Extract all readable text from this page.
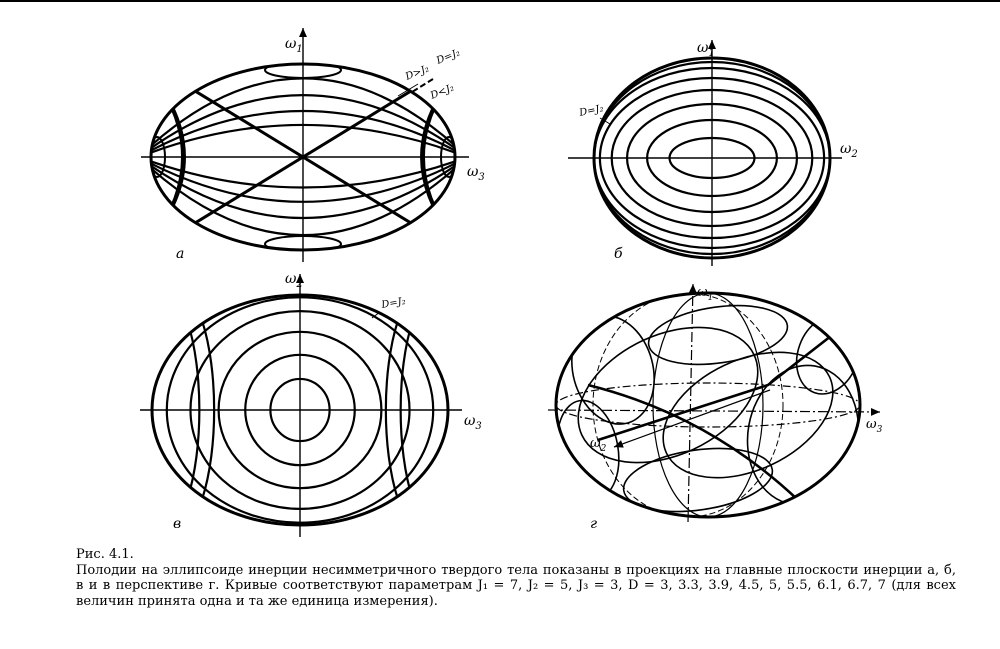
а	б
в	г
$\omega_1$
$\omega_3$
D>J₂
D=J₂
D<J₂
$\omega_1$
$\omega_2$
D=J₂
$\omega_2$
$\omega_3$
D=J₂
$\omega_1$
$\omega_2$
$\omega_3$
Рис. 4.1.
Полодии на эллипсоиде инерции несимметричного твердого тела показаны в проекциях на главные плоскости инерции а, б, в и в перспективе г. Кривые соответствуют параметрам J₁ = 7, J₂ = 5, J₃ = 3, D = 3, 3.3, 3.9, 4.5, 5, 5.5, 6.1, 6.7, 7 (для всех величин принята одна и та же единица измерения).
